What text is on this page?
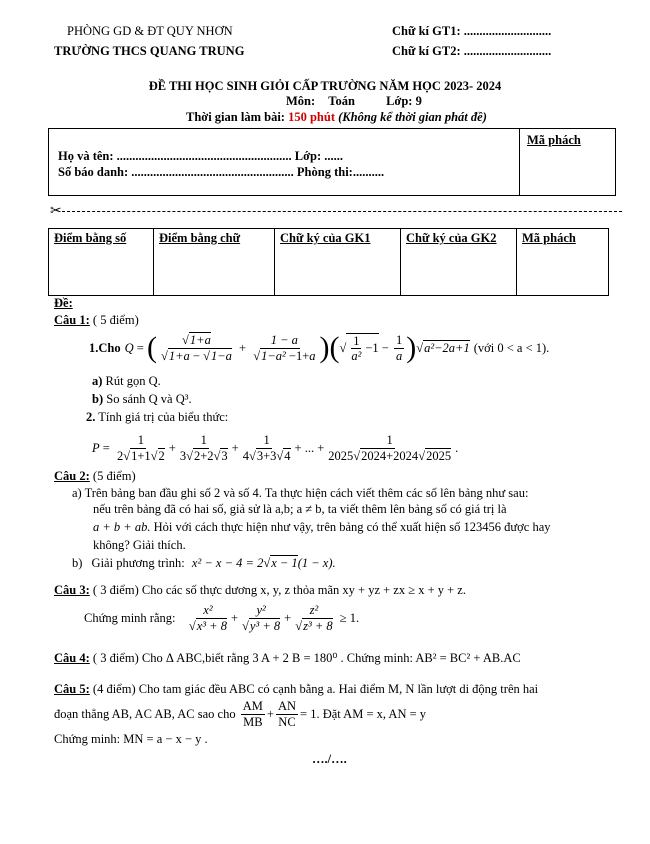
PHÒNG GD & ĐT QUY NHƠN
TRƯỜNG THCS QUANG TRUNG
Chữ kí GT1: ............................
Chữ kí GT2: ............................
ĐỀ THI HỌC SINH GIỎI CẤP TRƯỜNG NĂM HỌC 2023- 2024
Môn: Toán Lớp: 9
Thời gian làm bài: 150 phút (Không kể thời gian phát đề)
Họ và tên: ........................................................ Lớp: ......
Số báo danh: .................................................... Phòng thi:..........
Mã phách
✂
Điểm bằng số	Điểm bằng chữ	Chữ ký của GK1	Chữ ký của GK2	Mã phách
Đề:
Câu 1: ( 5 điểm)
1.Cho Q = ( $\frac{√1+a}{√1+a - √1-a} + \frac{1 - a}{\text{√1−a² −1+a}}$ )( √ $\frac{1}{\text{a²}} -1 - \frac{1}{a}$ ) √ a²−2a+1 (với 0 < a < 1).
a) Rút gọn Q.
b) So sánh Q và Q³.
2. Tính giá trị của biểu thức:
$P = \frac{1}{2√1+1√2} + \frac{1}{3√2+2√3} + \frac{1}{4√3+3√4}$ + ... + $\frac{1}{2025√2024+2024√2025}$ .
Câu 2: (5 điểm)
a) Trên bảng ban đầu ghi số 2 và số 4. Ta thực hiện cách viết thêm các số lên bảng như sau:
nếu trên bảng đã có hai số, giả sử là a,b; a ≠ b, ta viết thêm lên bảng số có giá trị là
a + b + ab. Hỏi với cách thực hiện như vậy, trên bảng có thể xuất hiện số 123456 được hay
không? Giải thích.
b) Giải phương trình: x² − x − 4 = 2√x − 1(1 − x).
Câu 3: ( 3 điểm) Cho các số thực dương x, y, z thỏa mãn xy + yz + zx ≥ x + y + z.
Chứng minh rằng:
$\frac{\text{x²}}{\text{√x³ + 8}} + \frac{\text{y²}}{\text{√y³ + 8}} + \frac{\text{z²}}{\text{√z³ + 8}} \ge 1$.
Câu 4: ( 3 điểm) Cho Δ ABC,biết rằng 3 A + 2 B = 180⁰ . Chứng minh: AB² = BC² + AB.AC
Câu 5: (4 điểm) Cho tam giác đều ABC có cạnh bằng a. Hai điểm M, N lần lượt di động trên hai
đoạn thẳng AB, AC AB, AC sao cho
$\frac{AM}{MB} + \frac{AN}{NC} = 1$. Đặt AM = x, AN = y
Chứng minh: MN = a − x − y .
…./….
